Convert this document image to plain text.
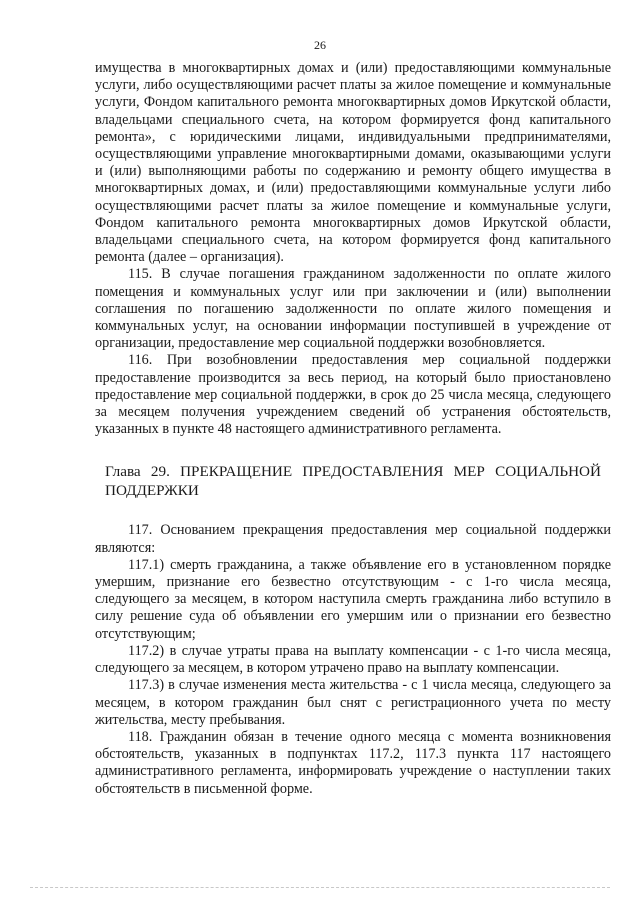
26

имущества в многоквартирных домах и (или) предоставляющими коммунальные услуги, либо осуществляющими расчет платы за жилое помещение и коммунальные услуги, Фондом капитального ремонта многоквартирных домов Иркутской области, владельцами специального счета, на котором формируется фонд капитального ремонта», с юридическими лицами, индивидуальными предпринимателями, осуществляющими управление многоквартирными домами, оказывающими услуги и (или) выполняющими работы по содержанию и ремонту общего имущества в многоквартирных домах, и (или) предоставляющими коммунальные услуги либо осуществляющими расчет платы за жилое помещение и коммунальные услуги, Фондом капитального ремонта многоквартирных домов Иркутской области, владельцами специального счета, на котором формируется фонд капитального ремонта (далее – организация).

115. В случае погашения гражданином задолженности по оплате жилого помещения и коммунальных услуг или при заключении и (или) выполнении соглашения по погашению задолженности по оплате жилого помещения и коммунальных услуг, на основании информации поступившей в учреждение от организации, предоставление мер социальной поддержки возобновляется.

116. При возобновлении предоставления мер социальной поддержки предоставление производится за весь период, на который было приостановлено предоставление мер социальной поддержки, в срок до 25 числа месяца, следующего за месяцем получения учреждением сведений об устранения обстоятельств, указанных в пункте 48 настоящего административного регламента.

Глава 29. ПРЕКРАЩЕНИЕ ПРЕДОСТАВЛЕНИЯ МЕР СОЦИАЛЬНОЙ ПОДДЕРЖКИ

117. Основанием прекращения предоставления мер социальной поддержки являются:

117.1) смерть гражданина, а также объявление его в установленном порядке умершим, признание его безвестно отсутствующим - с 1-го числа месяца, следующего за месяцем, в котором наступила смерть гражданина либо вступило в силу решение суда об объявлении его умершим или о признании его безвестно отсутствующим;

117.2) в случае утраты права на выплату компенсации - с 1-го числа месяца, следующего за месяцем, в котором утрачено право на выплату компенсации.

117.3) в случае изменения места жительства - с 1 числа месяца, следующего за месяцем, в котором гражданин был снят с регистрационного учета по месту жительства, месту пребывания.

118. Гражданин обязан в течение одного месяца с момента возникновения обстоятельств, указанных в подпунктах 117.2, 117.3 пункта 117 настоящего административного регламента, информировать учреждение о наступлении таких обстоятельств в письменной форме.
